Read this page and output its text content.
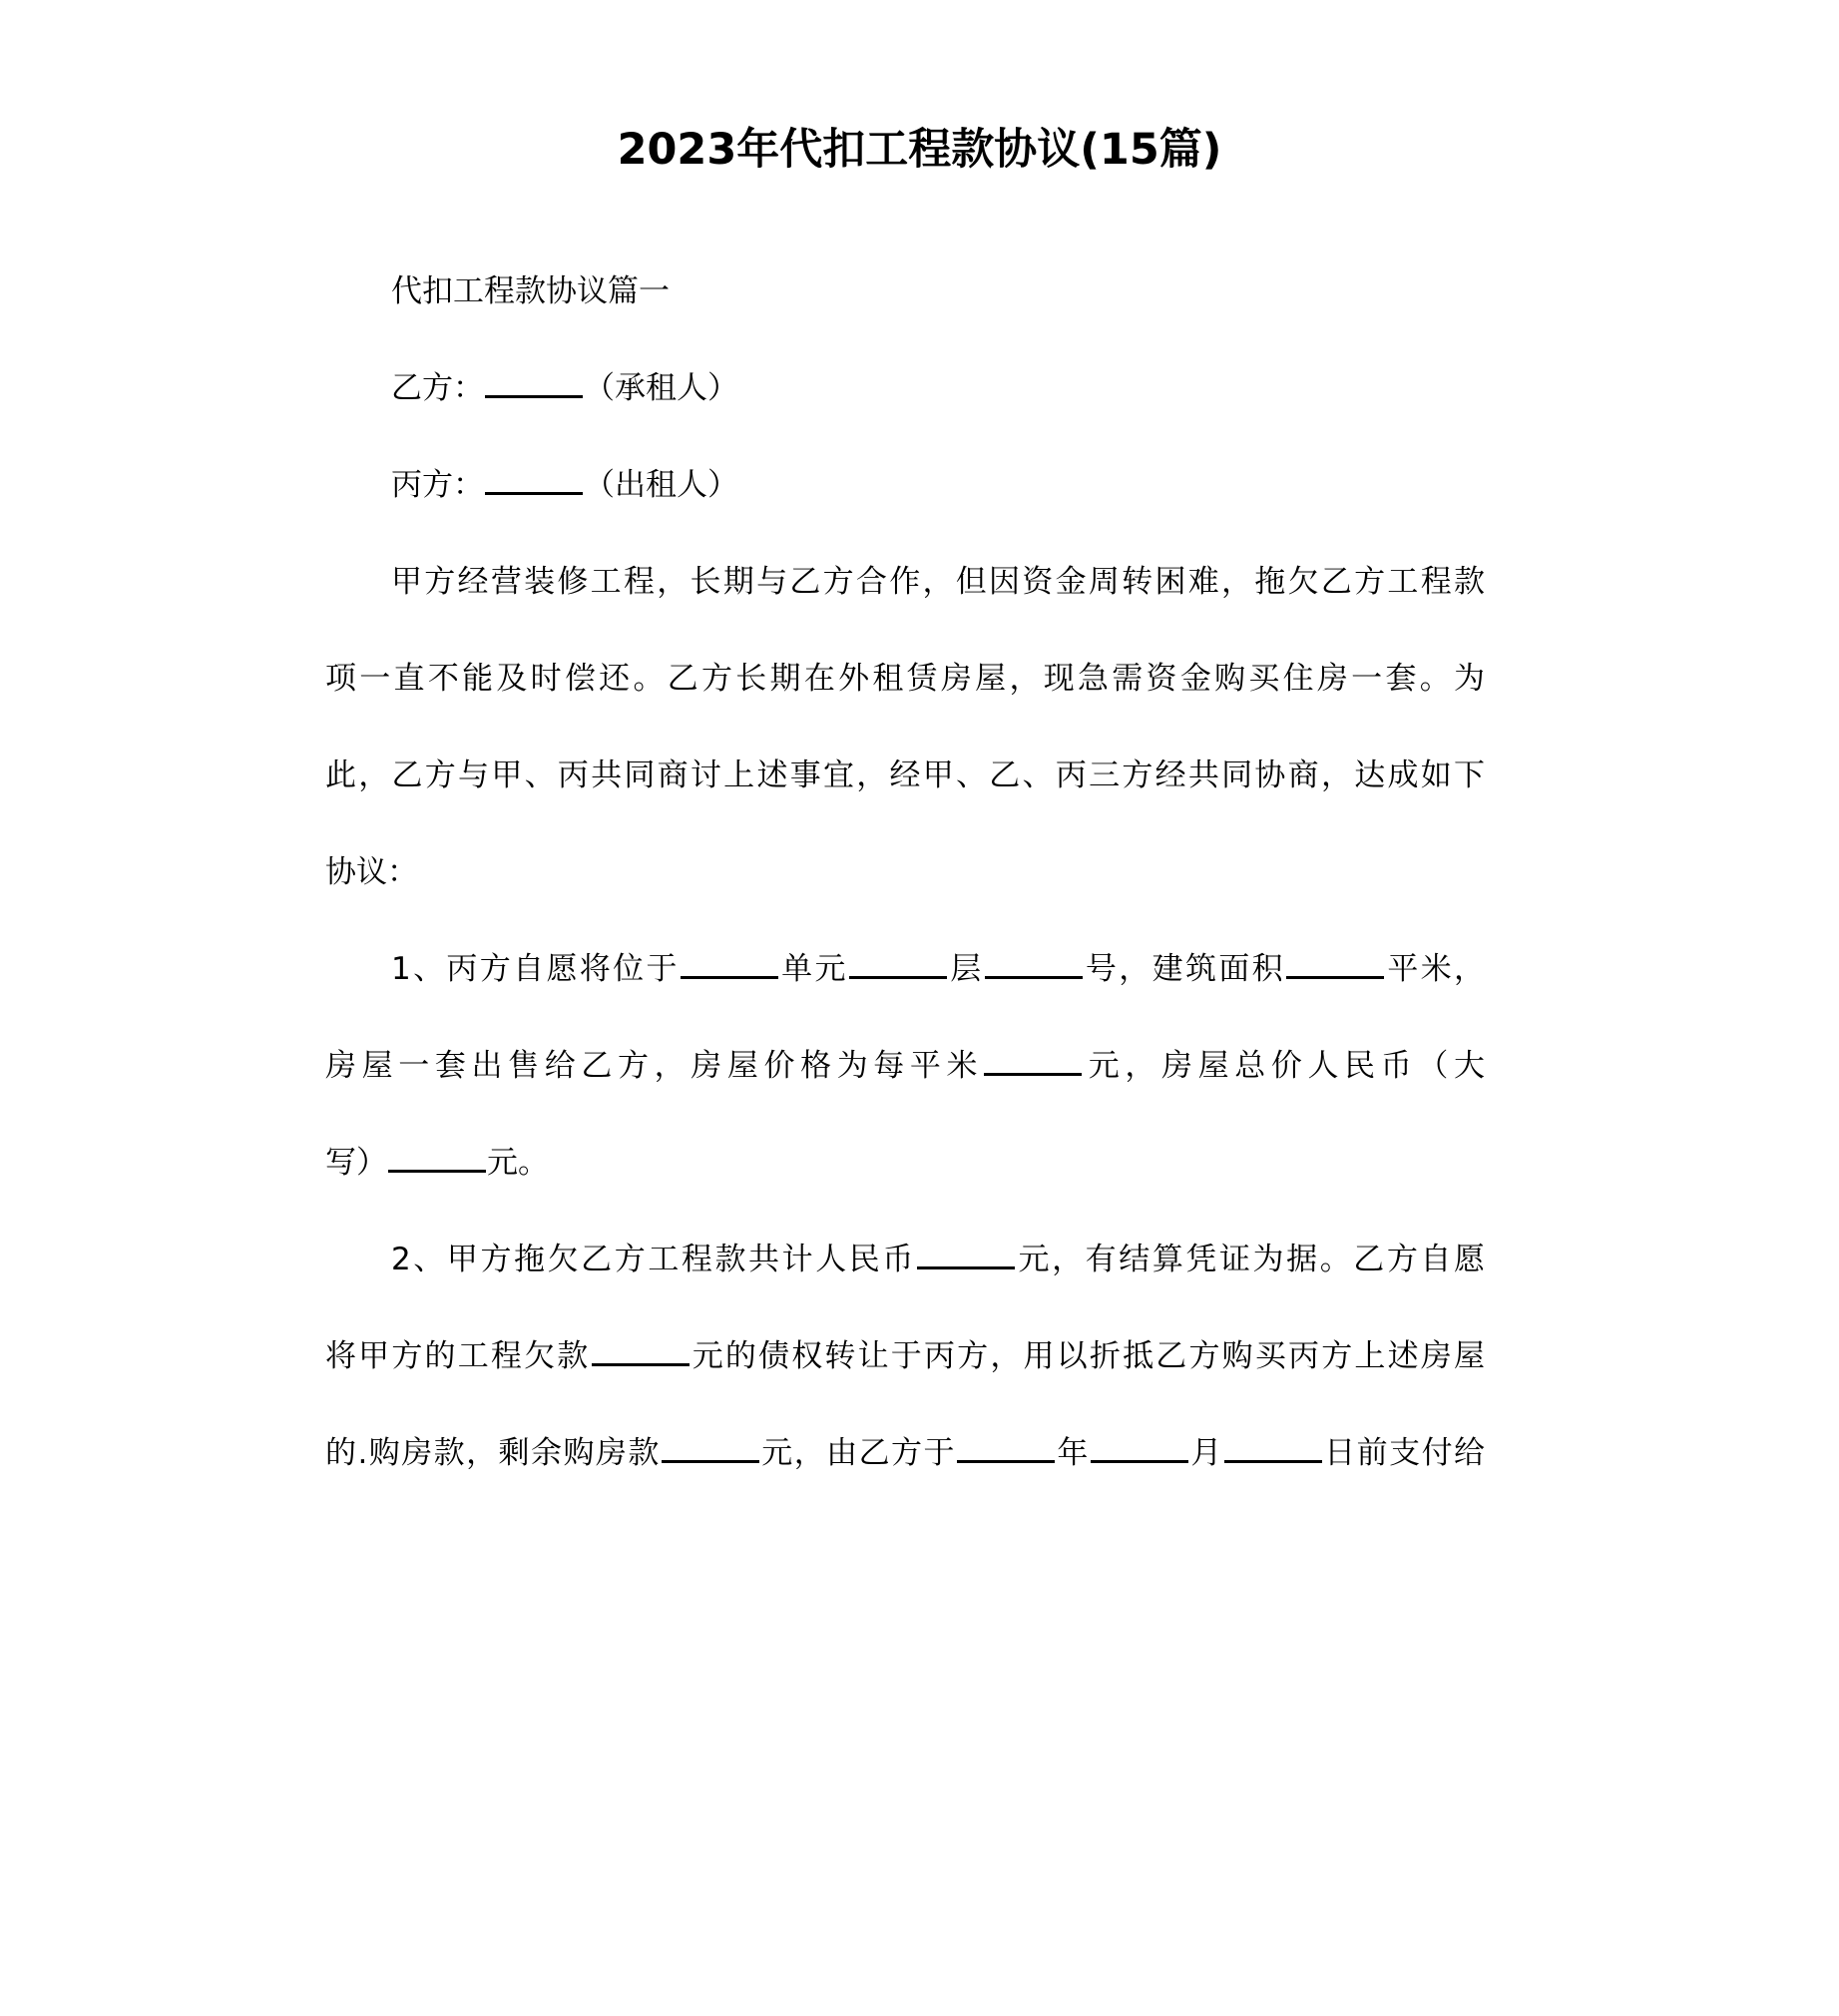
2023年代扣工程款协议(15篇)
代扣工程款协议篇一
乙方：	（承租人）
丙方：	（出租人）
甲方经营装修工程，长期与乙方合作，但因资金周转困难，拖欠乙方工程款
项一直不能及时偿还。乙方长期在外租赁房屋，现急需资金购买住房一套。为
此，乙方与甲、丙共同商讨上述事宜，经甲、乙、丙三方经共同协商，达成如下
协议：
1、丙方自愿将位于	单元	层	号，建筑面积	平米，
房屋一套出售给乙方，房屋价格为每平米	元，房屋总价人民币（大
写）	元。
2、甲方拖欠乙方工程款共计人民币	元，有结算凭证为据。乙方自愿
将甲方的工程欠款	元的债权转让于丙方，用以折抵乙方购买丙方上述房屋
的.购房款，剩余购房款	元，由乙方于	年	月	日前支付给
